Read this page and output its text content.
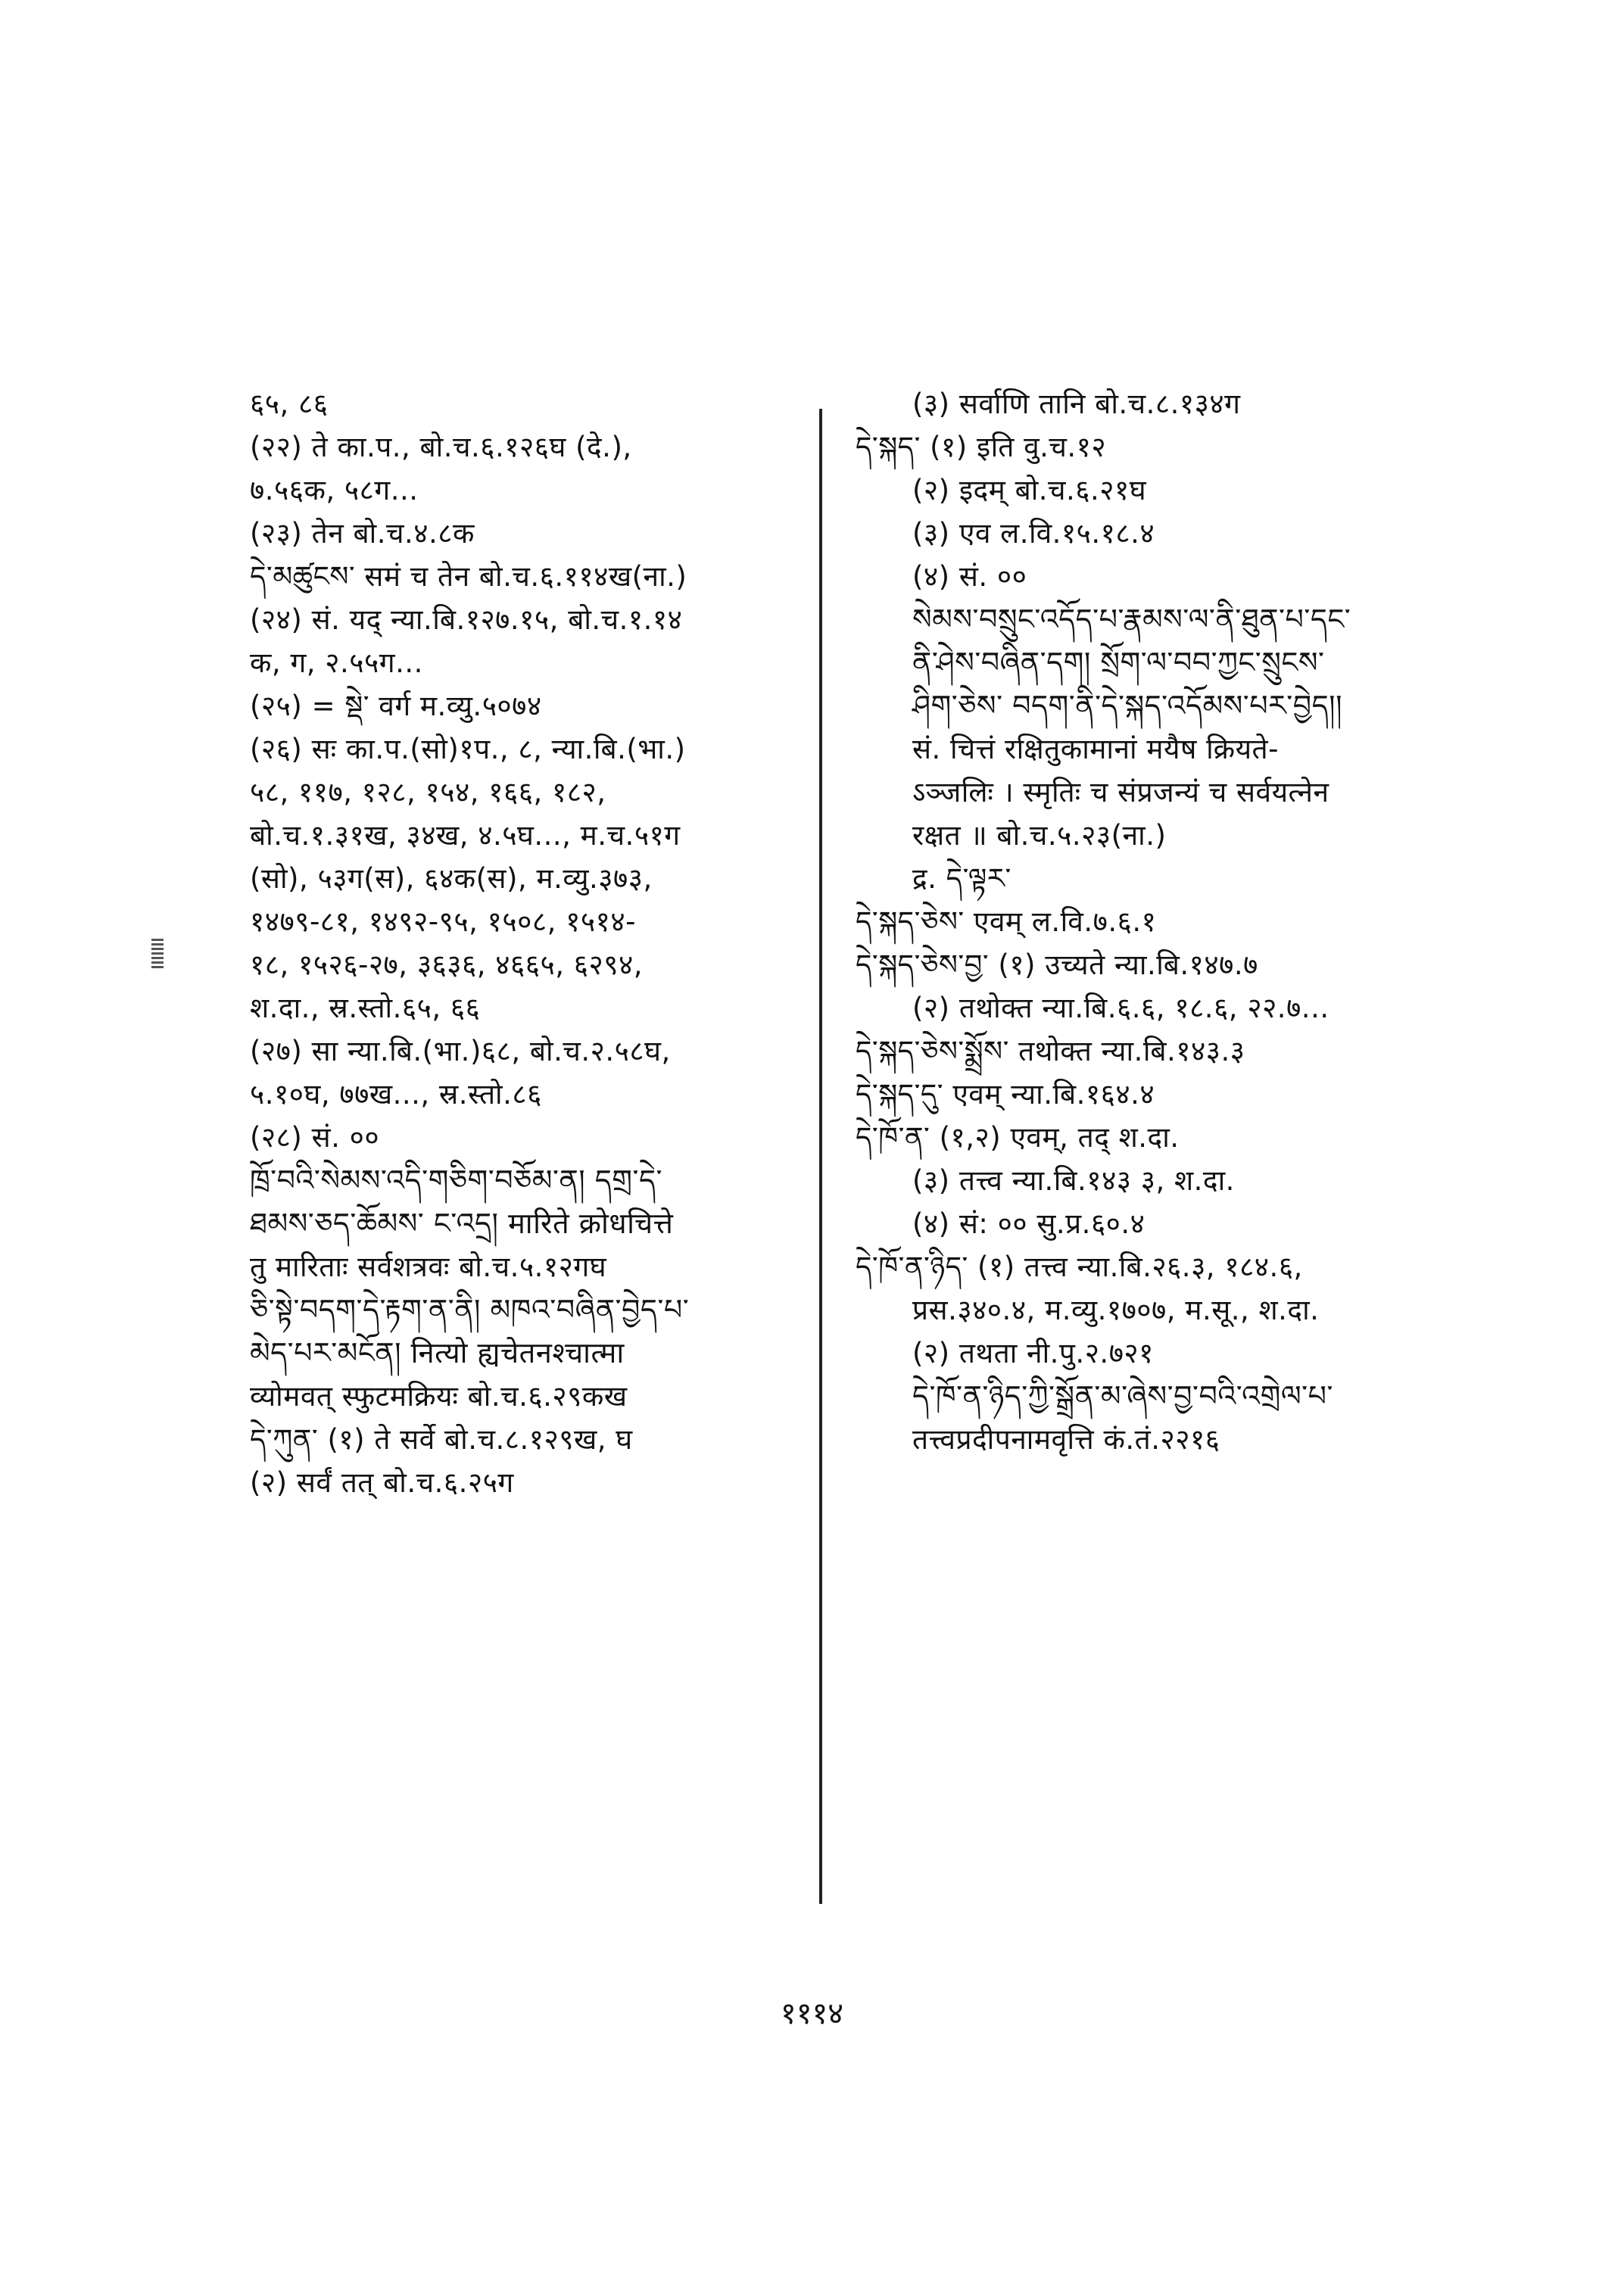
६५, ८६
(२२) ते का.प., बो.च.६.१२६घ (दे.),
७.५६क, ५८ग...
(२३) तेन बो.च.४.८क
དེ་མཚུངས་ समं च तेन बो.च.६.११४ख(ना.)
(२४) सं. यद् न्या.बि.१२७.१५, बो.च.१.१४
क, ग, २.५५ग...
(२५) = སྡེ་ वर्ग म.व्यु.५०७४
(२६) सः का.प.(सो)१प., ८, न्या.बि.(भा.)
५८, ११७, १२८, १५४, १६६, १८२,
बो.च.१.३१ख, ३४ख, ४.५घ..., म.च.५१ग
(सो), ५३ग(स), ६४क(स), म.व्यु.३७३,
१४७९-८१, १४९२-९५, १५०८, १५१४-
१८, १५२६-२७, ३६३६, ४६६५, ६२९४,
श.दा., स्र.स्तो.६५, ६६
(२७) सा न्या.बि.(भा.)६८, बो.च.२.५८घ,
५.१०घ, ७७ख..., स्र.स्तो.८६
(२८) सं. ००
ཁྲོ་བའི་སེམས་འདི་གཅིག་བཅོམ་ན། དགྲ་དེ་
ཐམས་ཅད་ཆོམས་ ང་འདྲ། मारिते क्रोधचित्ते
तु मारिताः सर्वशत्रवः बो.च.५.१२गघ
ཅི་སྟེ་བདག་དེ་རྟག་ན་ནི། མཁའ་བཞིན་བྱེད་པ་
མེད་པར་མངོན། नित्यो ह्यचेतनश्चात्मा
व्योमवत् स्फुटमक्रियः बो.च.६.२९कख
དེ་ཀུན་ (१) ते सर्वे बो.च.८.१२९ख, घ
(२) सर्वं तत् बो.च.६.२५ग
(३) सर्वाणि तानि बो.च.८.१३४ग
དེ་སྐད་ (१) इति वु.च.१२
(२) इदम् बो.च.६.२१घ
(३) एव ल.वि.१५.१८.४
(४) सं. ००
སེམས་བསྲུང་འདོད་པ་རྣམས་ལ་ནི་ཐུན་པ་དང་
ནི་ཤེས་བཞིན་དག། སྲོག་ལ་བབ་ཀྱང་སྲུངས་
ཤིག་ཅེས་ བདག་ནི་དེ་སྐད་འདོམས་པར་བྱེད།།
सं. चित्तं रक्षितुकामानां मयैष क्रियते-
ऽञ्जलिः । स्मृतिः च संप्रजन्यं च सर्वयत्नेन
रक्षत ॥ बो.च.५.२३(ना.)
द्र. དེ་ལྟར་
དེ་སྐད་ཅེས་ एवम् ल.वि.७.६.१
དེ་སྐད་ཅེས་བྱ་ (१) उच्यते न्या.बि.१४७.७
(२) तथोक्त न्या.बि.६.६, १८.६, २२.७...
དེ་སྐད་ཅེས་སྨྲོས་ तथोक्त न्या.बि.१४३.३
དེ་སྐད་དུ་ एवम् न्या.बि.१६४.४
དེ་ཁོ་ན་ (१,२) एवम्, तद् श.दा.
(३) तत्त्व न्या.बि.१४३ ३, श.दा.
(४) सं: ०० सु.प्र.६०.४
དེ་ཁོ་ན་ཉིད་ (१) तत्त्व न्या.बि.२६.३, १८४.६,
प्रस.३४०.४, म.व्यु.१७०७, म.सू., श.दा.
(२) तथता नी.पु.२.७२१
དེ་ཁོ་ན་ཉིད་ཀྱི་སྒྲོན་མ་ཞེས་བྱ་བའི་འགྲེལ་པ་
तत्त्वप्रदीपनामवृत्ति कं.तं.२२१६
१११४
